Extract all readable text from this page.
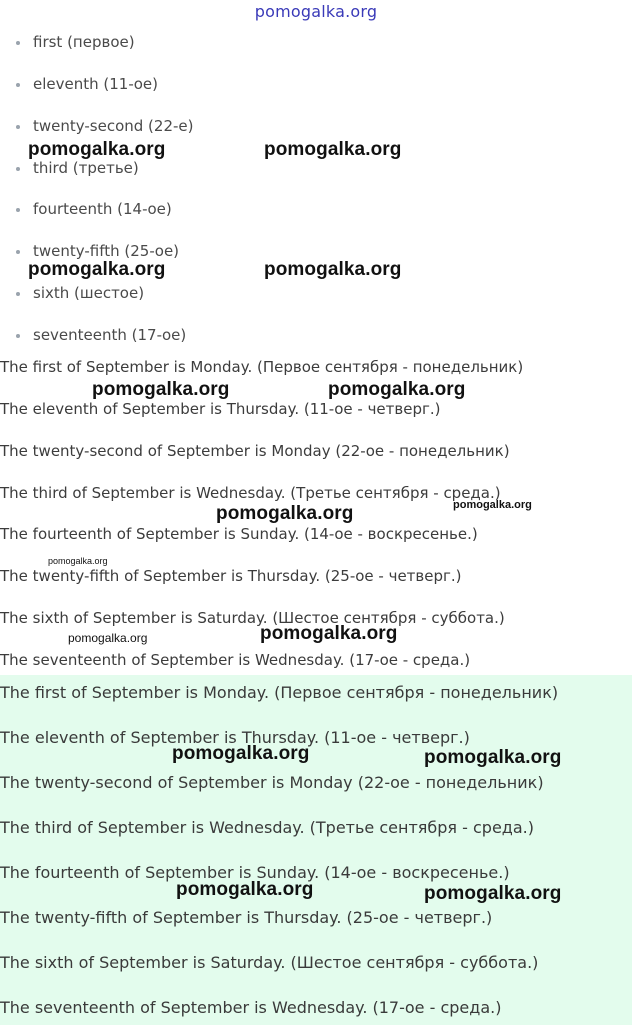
pomogalka.org
first (первое)
eleventh (11-ое)
twenty-second (22-е)
third (третье)
fourteenth (14-ое)
twenty-fifth (25-ое)
sixth (шестое)
seventeenth (17-ое)
The first of September is Monday. (Первое сентября - понедельник)
The eleventh of September is Thursday. (11-ое - четверг.)
The twenty-second of September is Monday (22-ое - понедельник)
The third of September is Wednesday. (Третье сентября - среда.)
The fourteenth of September is Sunday. (14-ое - воскресенье.)
The twenty-fifth of September is Thursday. (25-ое - четверг.)
The sixth of September is Saturday. (Шестое сентября - суббота.)
The seventeenth of September is Wednesday. (17-ое - среда.)
The first of September is Monday. (Первое сентября - понедельник)
The eleventh of September is Thursday. (11-ое - четверг.)
The twenty-second of September is Monday (22-ое - понедельник)
The third of September is Wednesday. (Третье сентября - среда.)
The fourteenth of September is Sunday. (14-ое - воскресенье.)
The twenty-fifth of September is Thursday. (25-ое - четверг.)
The sixth of September is Saturday. (Шестое сентября - суббота.)
The seventeenth of September is Wednesday. (17-ое - среда.)
pomogalka.org	pomogalka.org
pomogalka.org	pomogalka.org
pomogalka.org	pomogalka.org
pomogalka.org	pomogalka.org
pomogalka.org
pomogalka.org	pomogalka.org
pomogalka.org	pomogalka.org
pomogalka.org	pomogalka.org
